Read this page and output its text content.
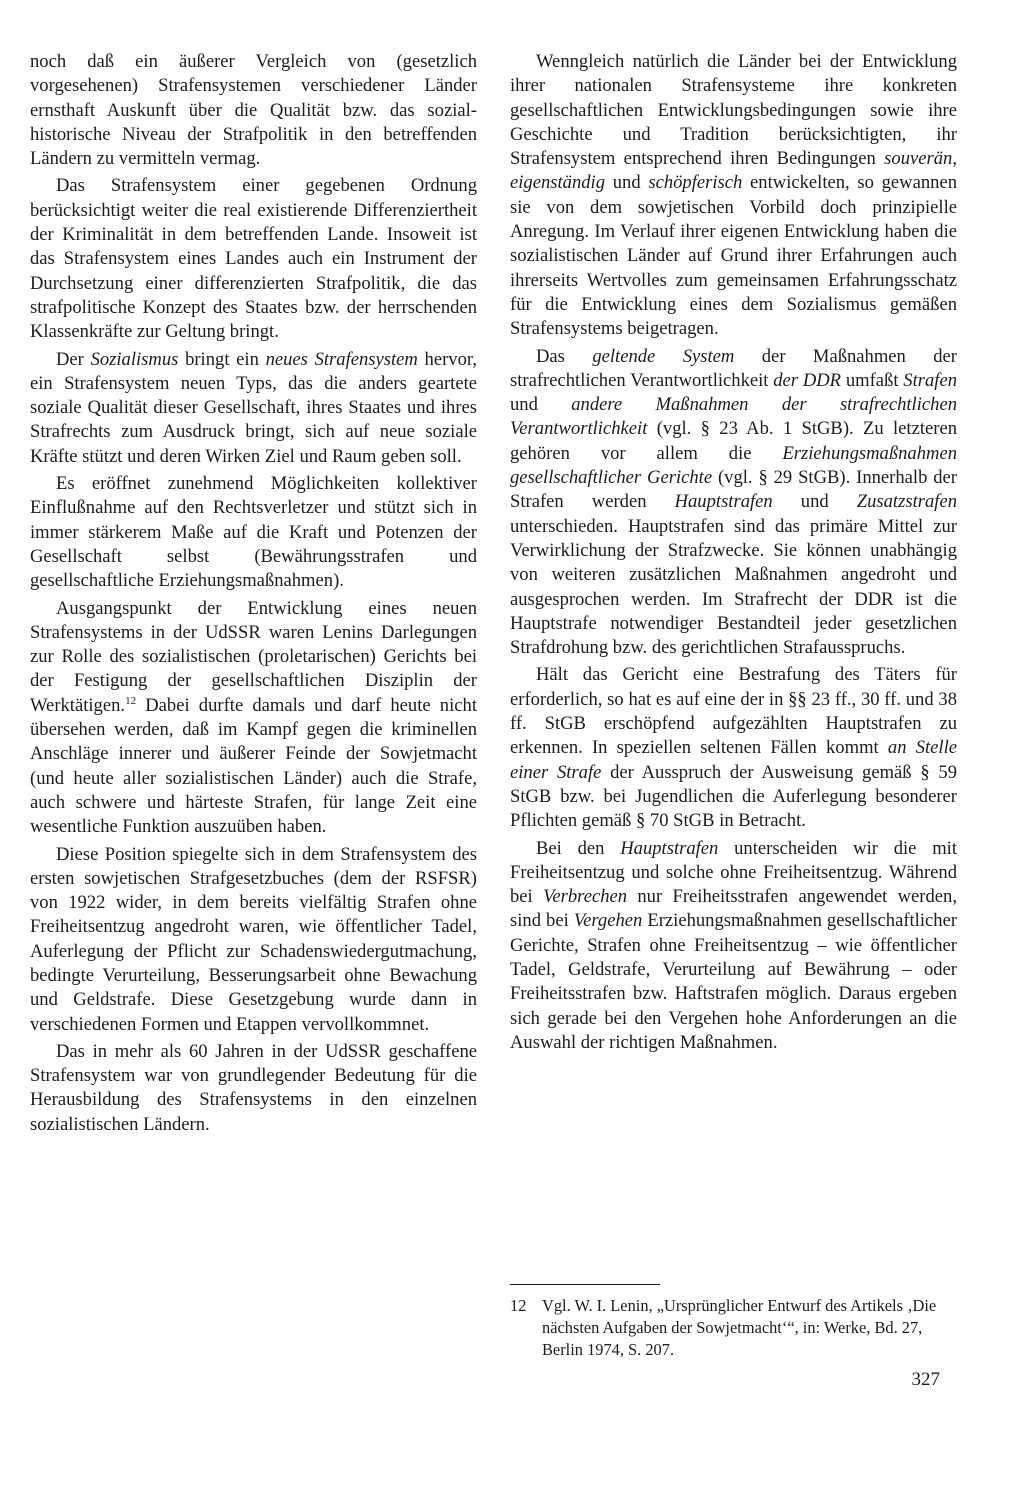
noch daß ein äußerer Vergleich von (gesetzlich vorgesehenen) Strafensystemen verschiedener Länder ernsthaft Auskunft über die Qualität bzw. das sozial-historische Niveau der Strafpolitik in den betreffenden Ländern zu vermitteln vermag.

Das Strafensystem einer gegebenen Ordnung berücksichtigt weiter die real existierende Differenziertheit der Kriminalität in dem betreffenden Lande. Insoweit ist das Strafensystem eines Landes auch ein Instrument der Durchsetzung einer differenzierten Strafpolitik, die das strafpolitische Konzept des Staates bzw. der herrschenden Klassenkräfte zur Geltung bringt.

Der Sozialismus bringt ein neues Strafensystem hervor, ein Strafensystem neuen Typs, das die anders geartete soziale Qualität dieser Gesellschaft, ihres Staates und ihres Strafrechts zum Ausdruck bringt, sich auf neue soziale Kräfte stützt und deren Wirken Ziel und Raum geben soll.

Es eröffnet zunehmend Möglichkeiten kollektiver Einflußnahme auf den Rechtsverletzer und stützt sich in immer stärkerem Maße auf die Kraft und Potenzen der Gesellschaft selbst (Bewährungsstrafen und gesellschaftliche Erziehungsmaßnahmen).

Ausgangspunkt der Entwicklung eines neuen Strafensystems in der UdSSR waren Lenins Darlegungen zur Rolle des sozialistischen (proletarischen) Gerichts bei der Festigung der gesellschaftlichen Disziplin der Werktätigen.$^{12}$ Dabei durfte damals und darf heute nicht übersehen werden, daß im Kampf gegen die kriminellen Anschläge innerer und äußerer Feinde der Sowjetmacht (und heute aller sozialistischen Länder) auch die Strafe, auch schwere und härteste Strafen, für lange Zeit eine wesentliche Funktion auszuüben haben.

Diese Position spiegelte sich in dem Strafensystem des ersten sowjetischen Strafgesetzbuches (dem der RSFSR) von 1922 wider, in dem bereits vielfältig Strafen ohne Freiheitsentzug angedroht waren, wie öffentlicher Tadel, Auferlegung der Pflicht zur Schadenswiedergutmachung, bedingte Verurteilung, Besserungsarbeit ohne Bewachung und Geldstrafe. Diese Gesetzgebung wurde dann in verschiedenen Formen und Etappen vervollkommnet.

Das in mehr als 60 Jahren in der UdSSR geschaffene Strafensystem war von grundlegender Bedeutung für die Herausbildung des Strafensystems in den einzelnen sozialistischen Ländern.

Wenngleich natürlich die Länder bei der Entwicklung ihrer nationalen Strafensysteme ihre konkreten gesellschaftlichen Entwicklungsbedingungen sowie ihre Geschichte und Tradition berücksichtigten, ihr Strafensystem entsprechend ihren Bedingungen souverän, eigenständig und schöpferisch entwickelten, so gewannen sie von dem sowjetischen Vorbild doch prinzipielle Anregung. Im Verlauf ihrer eigenen Entwicklung haben die sozialistischen Länder auf Grund ihrer Erfahrungen auch ihrerseits Wertvolles zum gemeinsamen Erfahrungsschatz für die Entwicklung eines dem Sozialismus gemäßen Strafensystems beigetragen.

Das geltende System der Maßnahmen der strafrechtlichen Verantwortlichkeit der DDR umfaßt Strafen und andere Maßnahmen der strafrechtlichen Verantwortlichkeit (vgl. § 23 Ab. 1 StGB). Zu letzteren gehören vor allem die Erziehungsmaßnahmen gesellschaftlicher Gerichte (vgl. § 29 StGB). Innerhalb der Strafen werden Hauptstrafen und Zusatzstrafen unterschieden. Hauptstrafen sind das primäre Mittel zur Verwirklichung der Strafzwecke. Sie können unabhängig von weiteren zusätzlichen Maßnahmen angedroht und ausgesprochen werden. Im Strafrecht der DDR ist die Hauptstrafe notwendiger Bestandteil jeder gesetzlichen Strafdrohung bzw. des gerichtlichen Strafausspruchs.

Hält das Gericht eine Bestrafung des Täters für erforderlich, so hat es auf eine der in §§ 23 ff., 30 ff. und 38 ff. StGB erschöpfend aufgezählten Hauptstrafen zu erkennen. In speziellen seltenen Fällen kommt an Stelle einer Strafe der Ausspruch der Ausweisung gemäß § 59 StGB bzw. bei Jugendlichen die Auferlegung besonderer Pflichten gemäß § 70 StGB in Betracht.

Bei den Hauptstrafen unterscheiden wir die mit Freiheitsentzug und solche ohne Freiheitsentzug. Während bei Verbrechen nur Freiheitsstrafen angewendet werden, sind bei Vergehen Erziehungsmaßnahmen gesellschaftlicher Gerichte, Strafen ohne Freiheitsentzug – wie öffentlicher Tadel, Geldstrafe, Verurteilung auf Bewährung – oder Freiheitsstrafen bzw. Haftstrafen möglich. Daraus ergeben sich gerade bei den Vergehen hohe Anforderungen an die Auswahl der richtigen Maßnahmen.

12 Vgl. W. I. Lenin, „Ursprünglicher Entwurf des Artikels ‚Die nächsten Aufgaben der Sowjetmacht‘“, in: Werke, Bd. 27, Berlin 1974, S. 207.
327
